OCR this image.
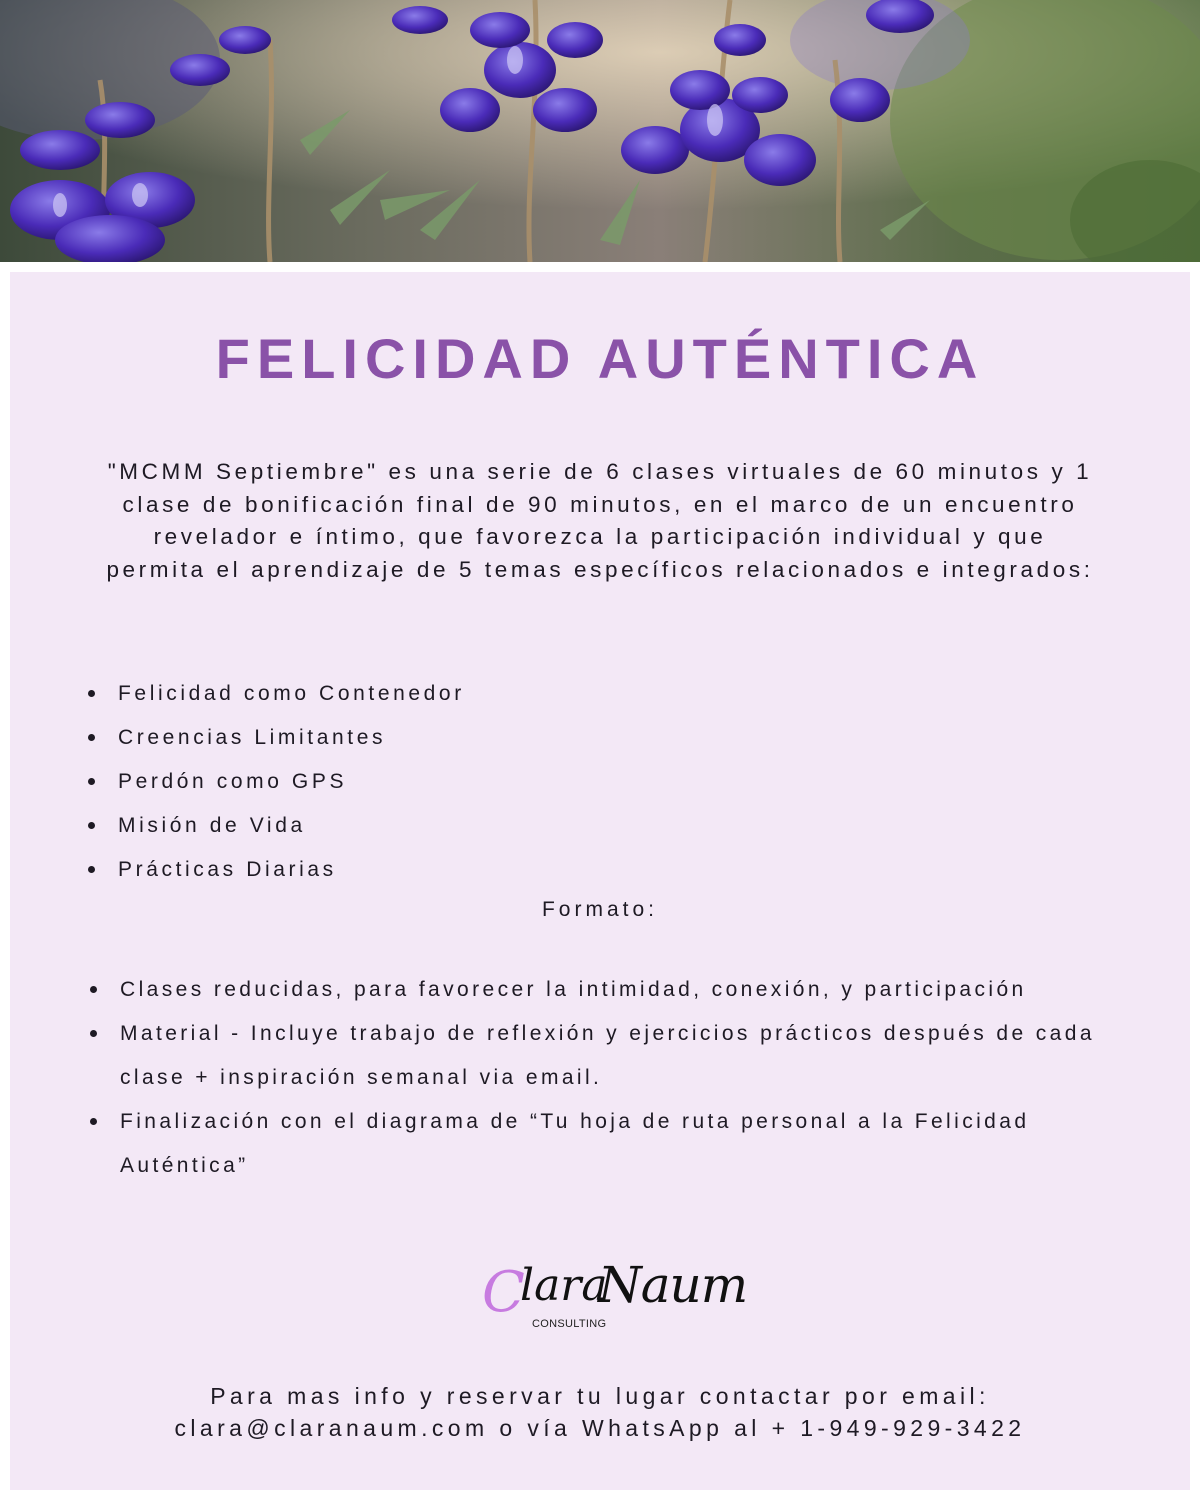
FELICIDAD AUTÉNTICA

"MCMM Septiembre" es una serie de 6 clases virtuales de 60 minutos y 1 clase de bonificación final de 90 minutos, en el marco de un encuentro revelador e íntimo, que favorezca la participación individual y que permita el aprendizaje de 5 temas específicos relacionados e integrados:

Felicidad como Contenedor
Creencias Limitantes
Perdón como GPS
Misión de Vida
Prácticas Diarias
Formato:
Clases reducidas, para favorecer la intimidad, conexión, y participación
Material - Incluye trabajo de reflexión y ejercicios prácticos después de cada clase + inspiración semanal via email.
Finalización con el diagrama de “Tu hoja de ruta personal a la Felicidad Auténtica”
C
lara
Naum
CONSULTING

Para mas info y reservar tu lugar contactar por email:
clara@claranaum.com o vía WhatsApp al + 1-949-929-3422
